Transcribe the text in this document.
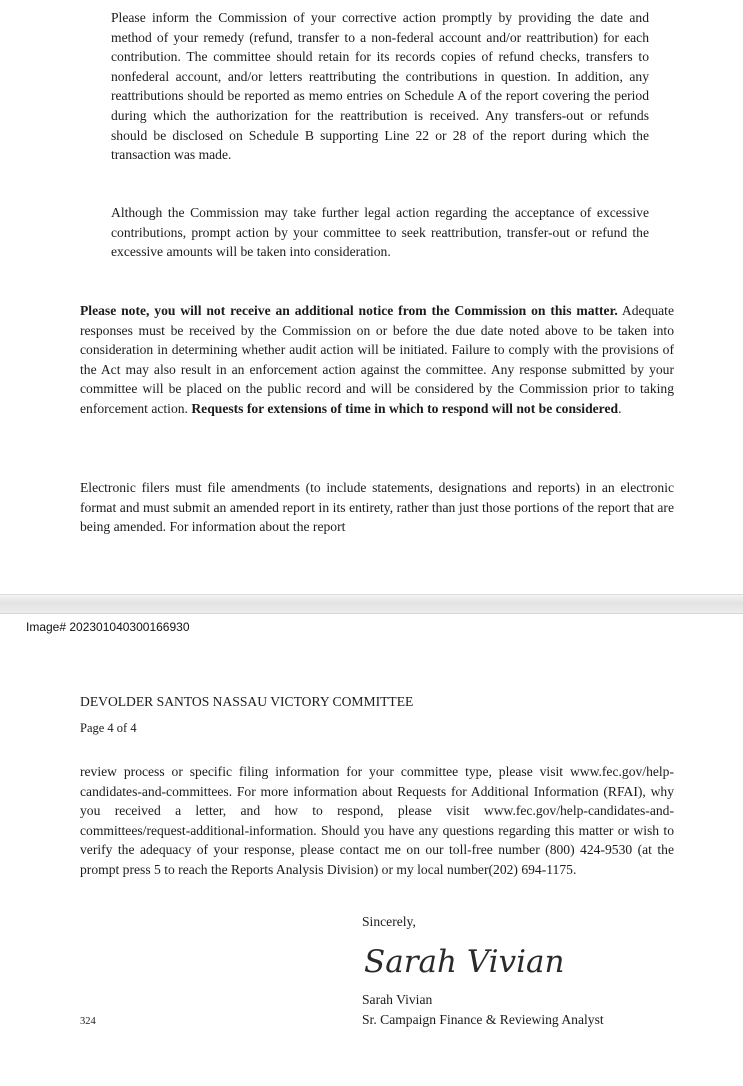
Please inform the Commission of your corrective action promptly by providing the date and method of your remedy (refund, transfer to a non-federal account and/or reattribution) for each contribution. The committee should retain for its records copies of refund checks, transfers to nonfederal account, and/or letters reattributing the contributions in question. In addition, any reattributions should be reported as memo entries on Schedule A of the report covering the period during which the authorization for the reattribution is received. Any transfers-out or refunds should be disclosed on Schedule B supporting Line 22 or 28 of the report during which the transaction was made.

Although the Commission may take further legal action regarding the acceptance of excessive contributions, prompt action by your committee to seek reattribution, transfer-out or refund the excessive amounts will be taken into consideration.

Please note, you will not receive an additional notice from the Commission on this matter. Adequate responses must be received by the Commission on or before the due date noted above to be taken into consideration in determining whether audit action will be initiated. Failure to comply with the provisions of the Act may also result in an enforcement action against the committee. Any response submitted by your committee will be placed on the public record and will be considered by the Commission prior to taking enforcement action. Requests for extensions of time in which to respond will not be considered.

Electronic filers must file amendments (to include statements, designations and reports) in an electronic format and must submit an amended report in its entirety, rather than just those portions of the report that are being amended. For information about the report

Image# 202301040300166930

DEVOLDER SANTOS NASSAU VICTORY COMMITTEE

Page 4 of 4

review process or specific filing information for your committee type, please visit www.fec.gov/help-candidates-and-committees. For more information about Requests for Additional Information (RFAI), why you received a letter, and how to respond, please visit www.fec.gov/help-candidates-and-committees/request-additional-information. Should you have any questions regarding this matter or wish to verify the adequacy of your response, please contact me on our toll-free number (800) 424-9530 (at the prompt press 5 to reach the Reports Analysis Division) or my local number(202) 694-1175.

Sincerely,

Sarah Vivian

Sarah Vivian

Sr. Campaign Finance & Reviewing Analyst

324
